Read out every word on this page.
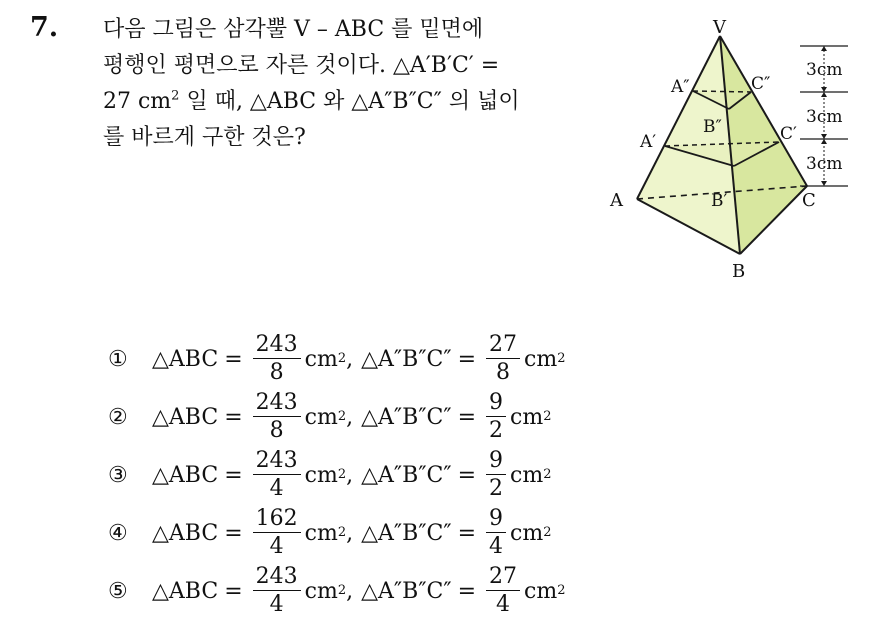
7. 다음 그림은 삼각뿔 V – ABC 를 밑면에
평행인 평면으로 자른 것이다. △A′B′C′ =
27 $cm^2$ 일 때, △ABC 와 △A″B″C″ 의 넓이
를 바르게 구한 것은?
3cm
3cm
3cm
V
A″	C″
B″
A′	C′
B′
A
B
C
①	△ABC = $\frac{243}{8}$ cm 2 , △A″B″C″ = $\frac{27}{8}$ cm 2
②	△ABC = $\frac{243}{8}$ cm 2 , △A″B″C″ = $\frac{9}{2}$ cm 2
③	△ABC = $\frac{243}{4}$ cm 2 , △A″B″C″ = $\frac{9}{2}$ cm 2
④	△ABC = $\frac{162}{4}$ cm 2 , △A″B″C″ = $\frac{9}{4}$ cm 2
⑤	△ABC = $\frac{243}{4}$ cm 2 , △A″B″C″ = $\frac{27}{4}$ cm 2
